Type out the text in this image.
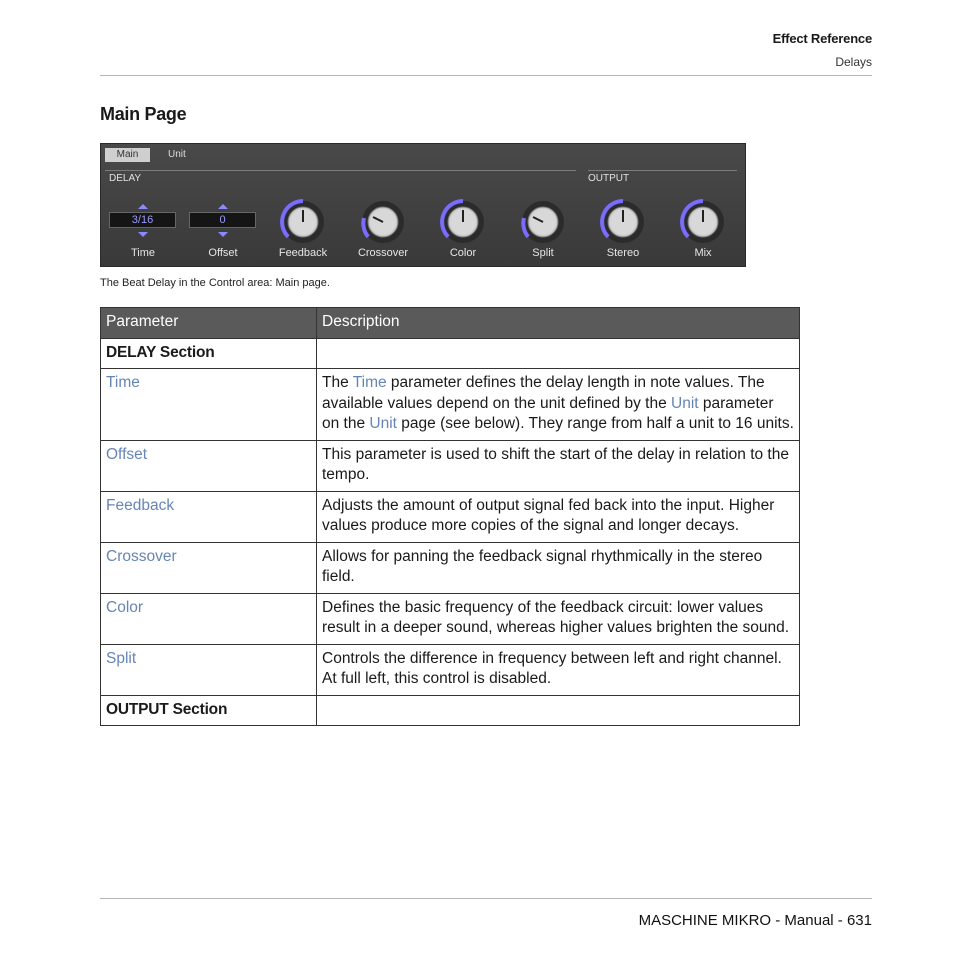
Effect Reference
Delays
Main Page
Main	Unit
DELAY	OUTPUT
3/16
Time
0
Offset	Feedback	Crossover	Color	Split	Stereo	Mix
The Beat Delay in the Control area: Main page.
Parameter	Description
DELAY Section	
Time	The Time parameter defines the delay length in note values. The available values depend on the unit defined by the Unit parameter on the Unit page (see below). They range from half a unit to 16 units.
Offset	This parameter is used to shift the start of the delay in relation to the tempo.
Feedback	Adjusts the amount of output signal fed back into the input. Higher values produce more copies of the signal and longer decays.
Crossover	Allows for panning the feedback signal rhythmically in the stereo field.
Color	Defines the basic frequency of the feedback circuit: lower values result in a deeper sound, whereas higher values brighten the sound.
Split	Controls the difference in frequency between left and right channel. At full left, this control is disabled.
OUTPUT Section	
MASCHINE MIKRO - Manual - 631
